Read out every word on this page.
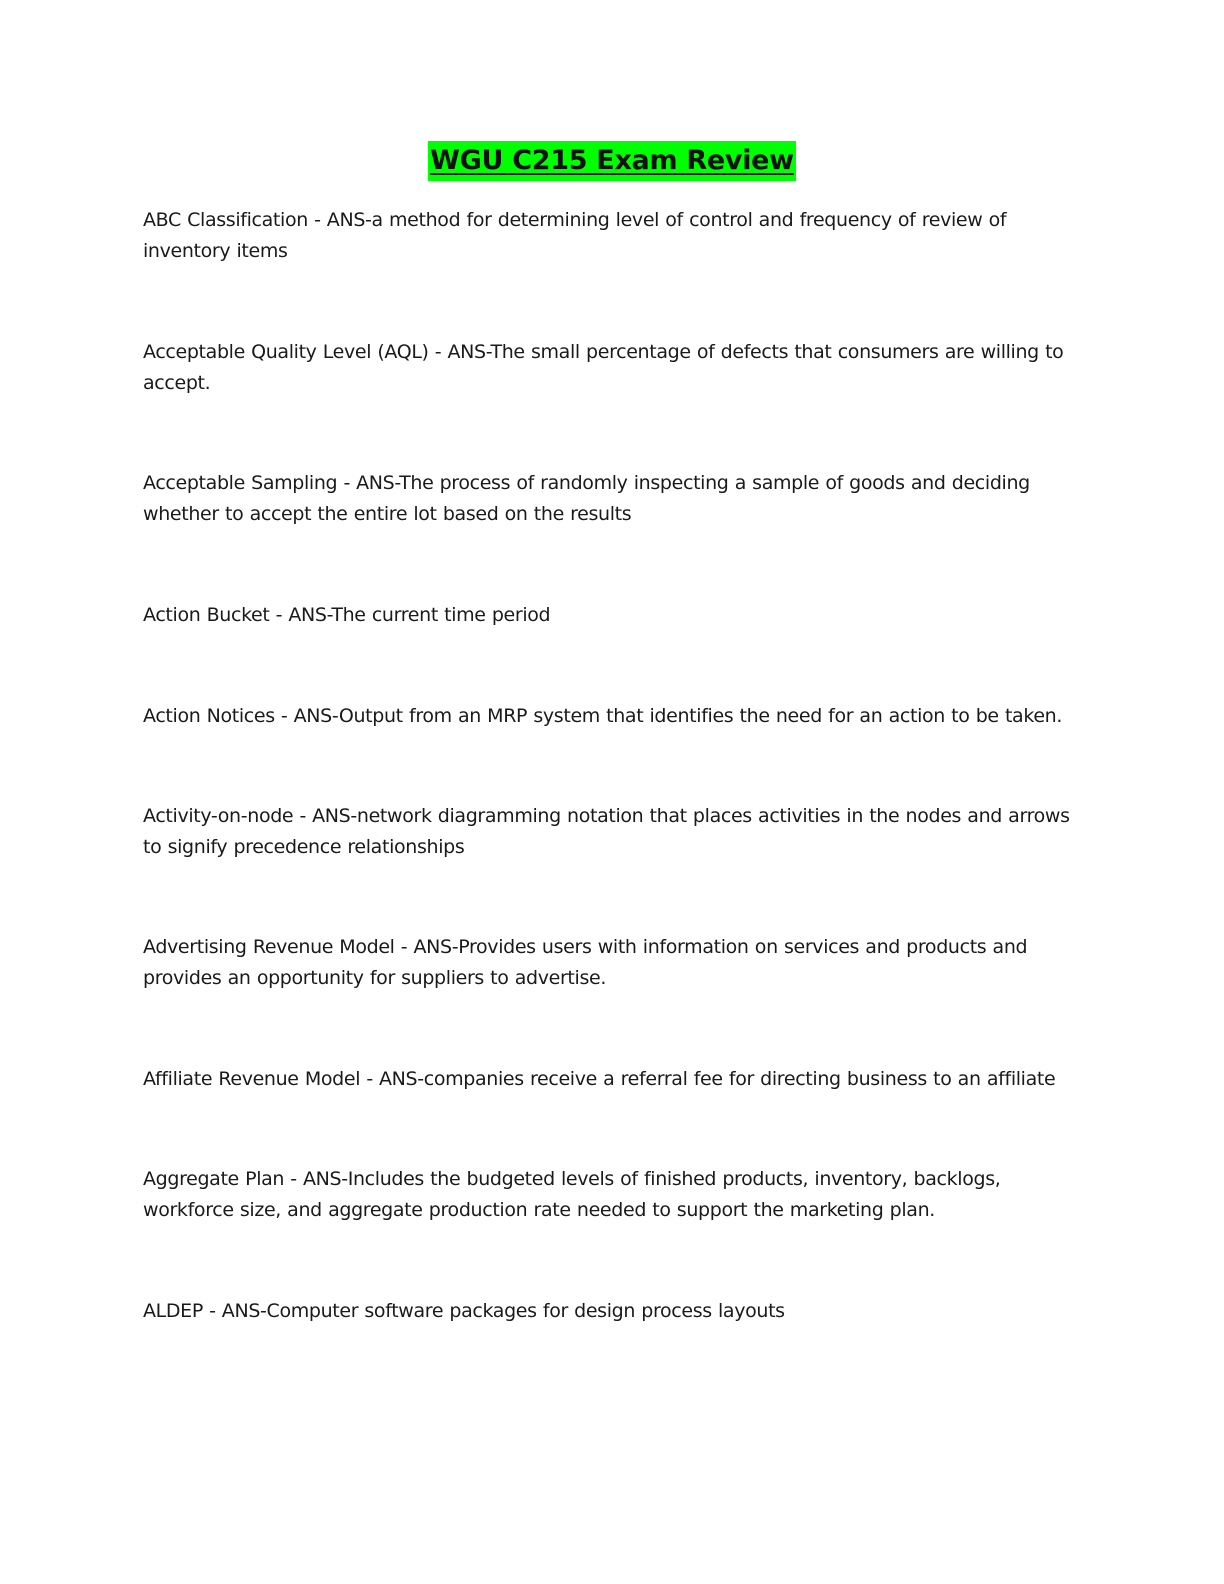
WGU C215 Exam Review
ABC Classification - ANS-a method for determining level of control and frequency of review of inventory items
Acceptable Quality Level (AQL) - ANS-The small percentage of defects that consumers are willing to accept.
Acceptable Sampling - ANS-The process of randomly inspecting a sample of goods and deciding whether to accept the entire lot based on the results
Action Bucket - ANS-The current time period
Action Notices - ANS-Output from an MRP system that identifies the need for an action to be taken.
Activity-on-node - ANS-network diagramming notation that places activities in the nodes and arrows to signify precedence relationships
Advertising Revenue Model - ANS-Provides users with information on services and products and provides an opportunity for suppliers to advertise.
Affiliate Revenue Model - ANS-companies receive a referral fee for directing business to an affiliate
Aggregate Plan - ANS-Includes the budgeted levels of finished products, inventory, backlogs, workforce size, and aggregate production rate needed to support the marketing plan.
ALDEP - ANS-Computer software packages for design process layouts
